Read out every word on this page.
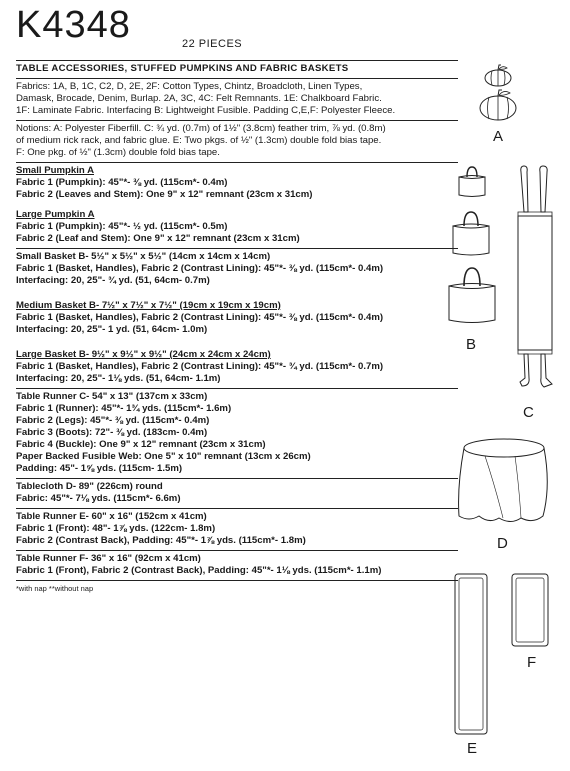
K4348	22 PIECES
TABLE ACCESSORIES, STUFFED PUMPKINS AND FABRIC BASKETS
Fabrics: 1A, B, 1C, C2, D, 2E, 2F: Cotton Types, Chintz, Broadcloth, Linen Types,
Damask, Brocade, Denim, Burlap. 2A, 3C, 4C: Felt Remnants. 1E: Chalkboard Fabric.
1F: Laminate Fabric. Interfacing B: Lightweight Fusible. Padding C,E,F: Polyester Fleece.
Notions: A: Polyester Fiberfill. C: ¾ yd. (0.7m) of 1½" (3.8cm) feather trim, ⅞ yd. (0.8m)
of medium rick rack, and fabric glue. E: Two pkgs. of ½" (1.3cm) double fold bias tape.
F: One pkg. of ½" (1.3cm) double fold bias tape.
Small Pumpkin A
Fabric 1 (Pumpkin): 45"*- ⅜ yd. (115cm*- 0.4m)
Fabric 2 (Leaves and Stem): One 9" x 12" remnant (23cm x 31cm)
Large Pumpkin A
Fabric 1 (Pumpkin): 45"*- ½ yd. (115cm*- 0.5m)
Fabric 2 (Leaf and Stem): One 9" x 12" remnant (23cm x 31cm)
Small Basket B- 5½" x 5½" x 5½" (14cm x 14cm x 14cm)
Fabric 1 (Basket, Handles), Fabric 2 (Contrast Lining): 45"*- ⅜ yd. (115cm*- 0.4m)
Interfacing: 20, 25"- ¾ yd. (51, 64cm- 0.7m)
Medium Basket B- 7½" x 7½" x 7½" (19cm x 19cm x 19cm)
Fabric 1 (Basket, Handles), Fabric 2 (Contrast Lining): 45"*- ⅜ yd. (115cm*- 0.4m)
Interfacing: 20, 25"- 1 yd. (51, 64cm- 1.0m)
Large Basket B- 9½" x 9½" x 9½" (24cm x 24cm x 24cm)
Fabric 1 (Basket, Handles), Fabric 2 (Contrast Lining): 45"*- ¾ yd. (115cm*- 0.7m)
Interfacing: 20, 25"- 1⅛ yds. (51, 64cm- 1.1m)
Table Runner C- 54" x 13" (137cm x 33cm)
Fabric 1 (Runner): 45"*- 1¾ yds. (115cm*- 1.6m)
Fabric 2 (Legs): 45"*- ⅜ yd. (115cm*- 0.4m)
Fabric 3 (Boots): 72"- ⅜ yd. (183cm- 0.4m)
Fabric 4 (Buckle): One 9" x 12" remnant (23cm x 31cm)
Paper Backed Fusible Web: One 5" x 10" remnant (13cm x 26cm)
Padding: 45"- 1⅝ yds. (115cm- 1.5m)
Tablecloth D- 89" (226cm) round
Fabric: 45"*- 7⅛ yds. (115cm*- 6.6m)
Table Runner E- 60" x 16" (152cm x 41cm)
Fabric 1 (Front): 48"- 1⅞ yds. (122cm- 1.8m)
Fabric 2 (Contrast Back), Padding: 45"*- 1⅞ yds. (115cm*- 1.8m)
Table Runner F- 36" x 16" (92cm x 41cm)
Fabric 1 (Front), Fabric 2 (Contrast Back), Padding: 45"*- 1⅛ yds. (115cm*- 1.1m)
*with nap **without nap
A
B
C
D
E
F
